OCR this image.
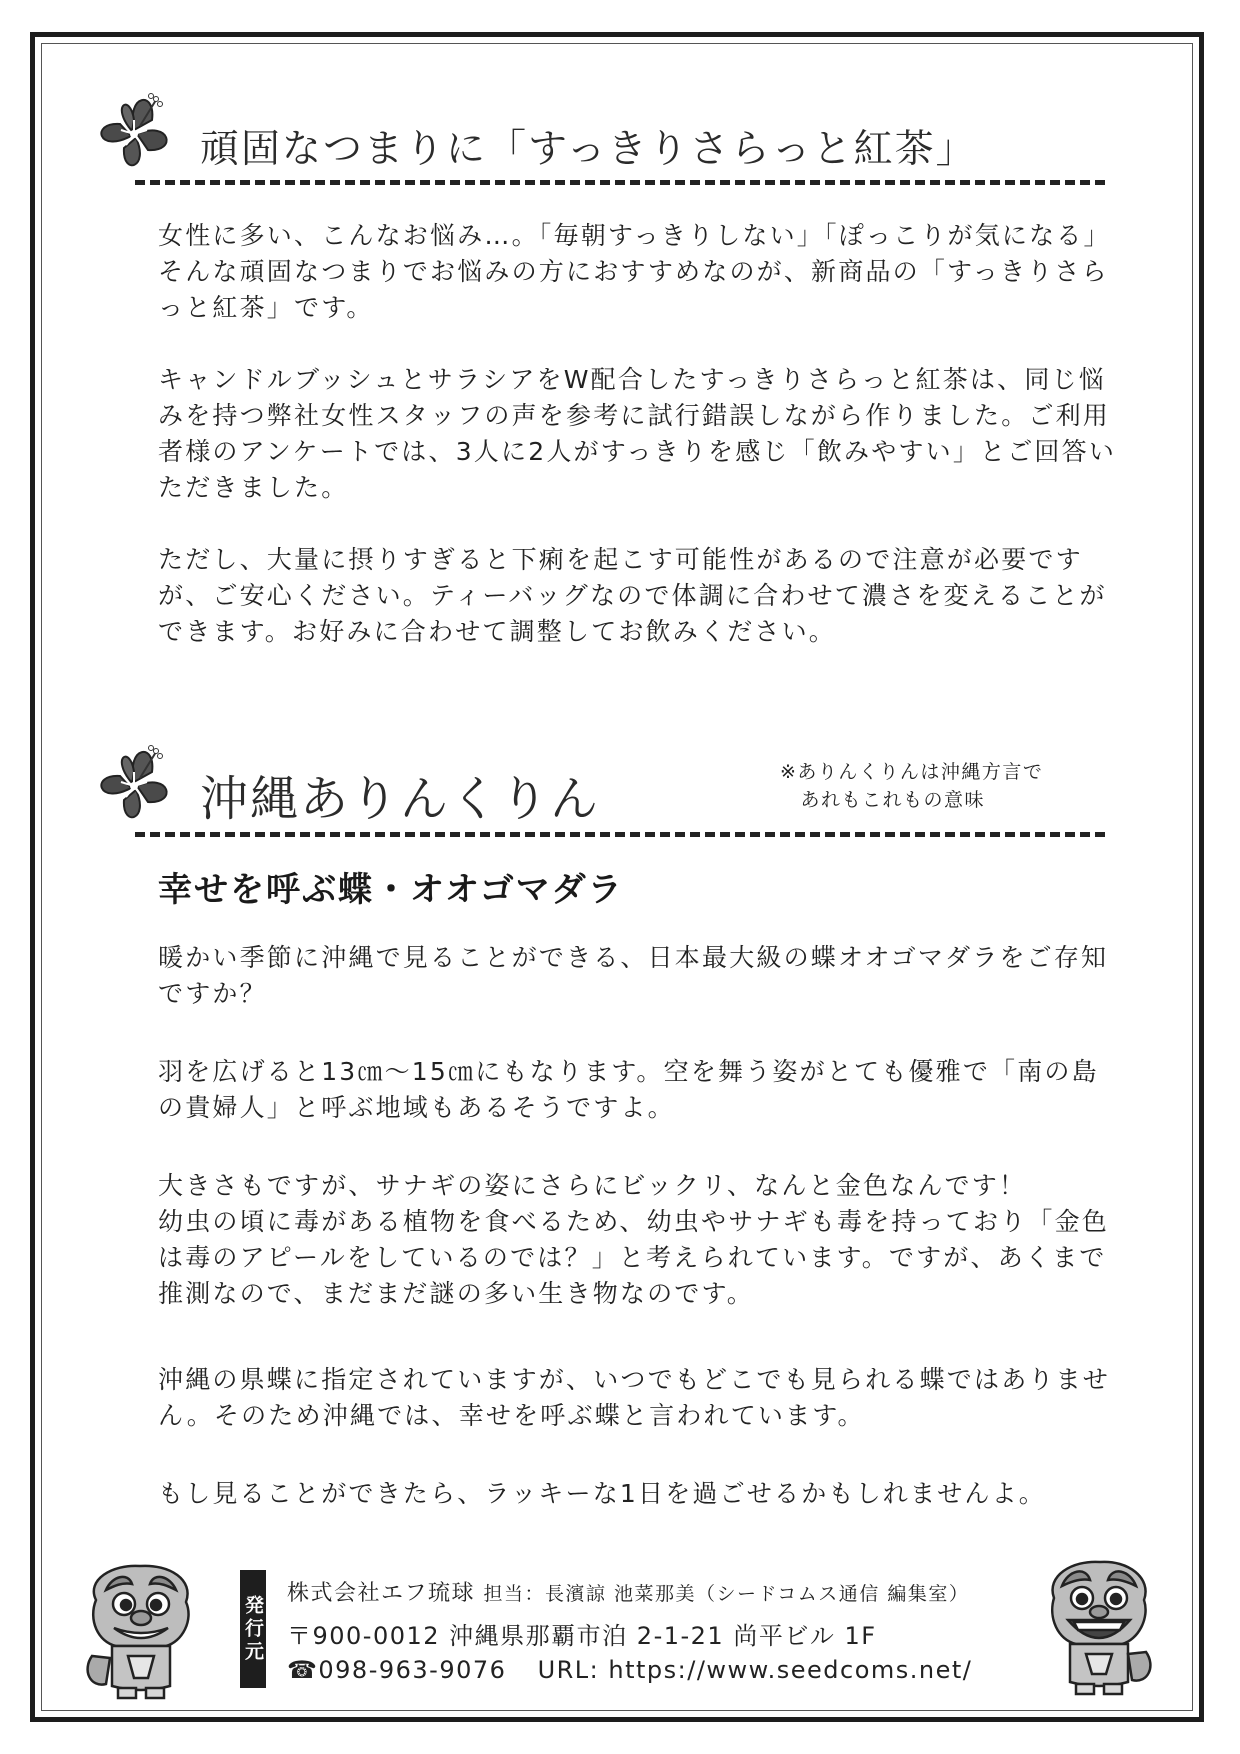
頑固なつまりに「すっきりさらっと紅茶」

女性に多い、こんなお悩み…。「毎朝すっきりしない」「ぽっこりが気になる」そんな頑固なつまりでお悩みの方におすすめなのが、新商品の「すっきりさらっと紅茶」です。

キャンドルブッシュとサラシアをW配合したすっきりさらっと紅茶は、同じ悩みを持つ弊社女性スタッフの声を参考に試行錯誤しながら作りました。ご利用者様のアンケートでは、3人に2人がすっきりを感じ「飲みやすい」とご回答いただきました。

ただし、大量に摂りすぎると下痢を起こす可能性があるので注意が必要ですが、ご安心ください。ティーバッグなので体調に合わせて濃さを変えることができます。お好みに合わせて調整してお飲みください。

沖縄ありんくりん	※ありんくりんは沖縄方言で
　あれもこれもの意味
幸せを呼ぶ蝶・オオゴマダラ

暖かい季節に沖縄で見ることができる、日本最大級の蝶オオゴマダラをご存知ですか？

羽を広げると13㎝～15㎝にもなります。空を舞う姿がとても優雅で「南の島の貴婦人」と呼ぶ地域もあるそうですよ。

大きさもですが、サナギの姿にさらにビックリ、なんと金色なんです！
幼虫の頃に毒がある植物を食べるため、幼虫やサナギも毒を持っており「金色は毒のアピールをしているのでは？」と考えられています。ですが、あくまで推測なので、まだまだ謎の多い生き物なのです。

沖縄の県蝶に指定されていますが、いつでもどこでも見られる蝶ではありません。そのため沖縄では、幸せを呼ぶ蝶と言われています。

もし見ることができたら、ラッキーな1日を過ごせるかもしれませんよ。

発行元
株式会社エフ琉球 担当：長濱諒 池菜那美（シードコムス通信 編集室）
〒900-0012 沖縄県那覇市泊 2-1-21 尚平ビル 1F
☎098-963-9076 URL: https://www.seedcoms.net/
